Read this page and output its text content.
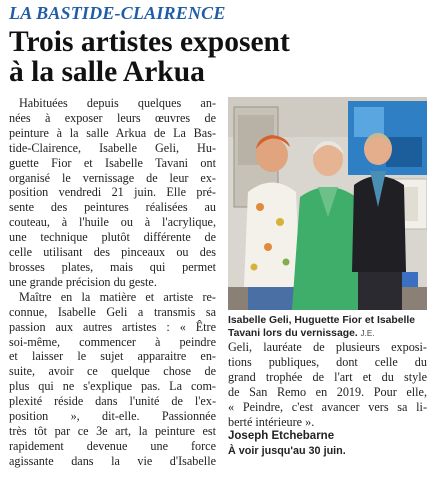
LA BASTIDE-CLAIRENCE
Trois artistes exposent
à la salle Arkua
Habituées depuis quelques an-
nées à exposer leurs œuvres de
peinture à la salle Arkua de La Bas-
tide-Clairence, Isabelle Geli, Hu-
guette Fior et Isabelle Tavani ont
organisé le vernissage de leur ex-
position vendredi 21 juin. Elle pré-
sente des peintures réalisées au
couteau, à l'huile ou à l'acrylique,
une technique plutôt différente de
celle utilisant des pinceaux ou des
brosses plates, mais qui permet
une grande précision du geste.
Maître en la matière et artiste re-
connue, Isabelle Geli a transmis sa
passion aux autres artistes : « Être
soi-même, commencer à peindre
et laisser le sujet apparaitre en-
suite, avoir ce quelque chose de
plus qui ne s'explique pas. La com-
plexité réside dans l'unité de l'ex-
position », dit-elle. Passionnée
très tôt par ce 3e art, la peinture est
rapidement devenue une force
agissante dans la vie d'Isabelle
Isabelle Geli, Huguette Fior et Isabelle Tavani lors du vernissage. J.E.
Geli, lauréate de plusieurs exposi-
tions publiques, dont celle du
grand trophée de l'art et du style
de San Remo en 2019. Pour elle,
« Peindre, c'est avancer vers sa li-
berté intérieure ».
Joseph Etchebarne
À voir jusqu'au 30 juin.
